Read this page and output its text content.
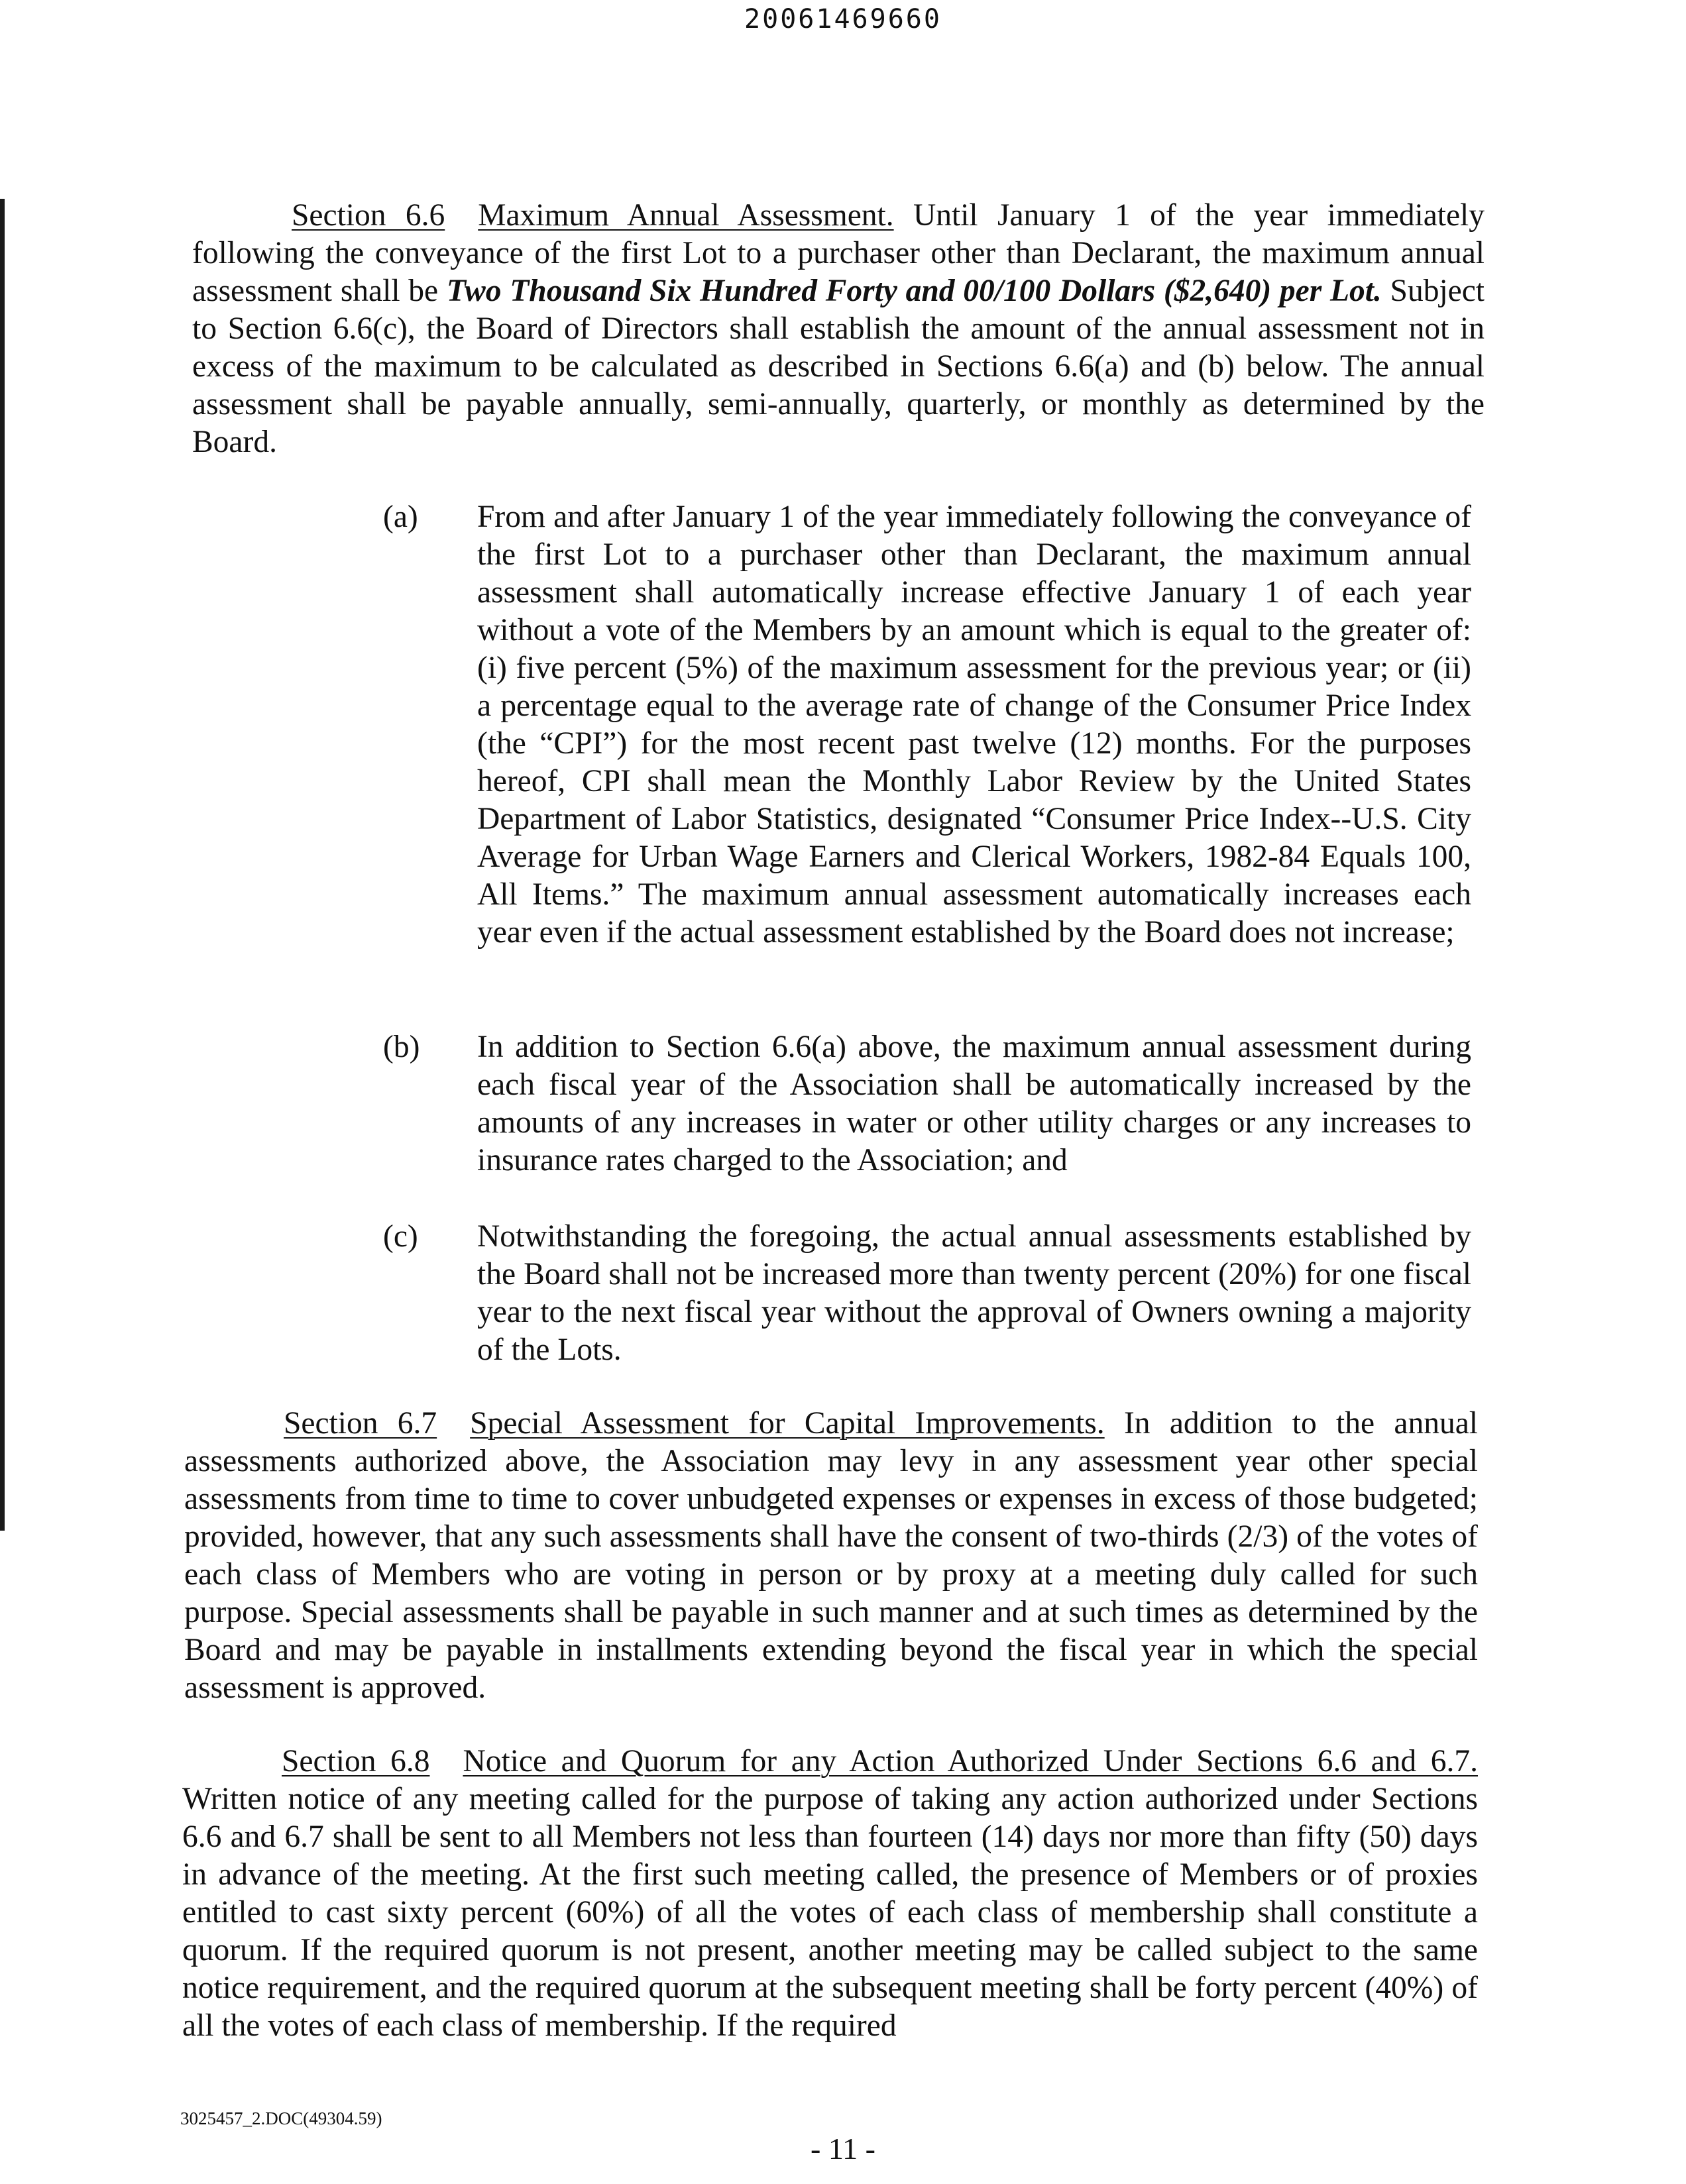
20061469660

Section 6.6 Maximum Annual Assessment. Until January 1 of the year immediately following the conveyance of the first Lot to a purchaser other than Declarant, the maximum annual assessment shall be Two Thousand Six Hundred Forty and 00/100 Dollars ($2,640) per Lot. Subject to Section 6.6(c), the Board of Directors shall establish the amount of the annual assessment not in excess of the maximum to be calculated as described in Sections 6.6(a) and (b) below. The annual assessment shall be payable annually, semi-annually, quarterly, or monthly as determined by the Board.

(a)	From and after January 1 of the year immediately following the conveyance of the first Lot to a purchaser other than Declarant, the maximum annual assessment shall automatically increase effective January 1 of each year without a vote of the Members by an amount which is equal to the greater of: (i) five percent (5%) of the maximum assessment for the previous year; or (ii) a percentage equal to the average rate of change of the Consumer Price Index (the “CPI”) for the most recent past twelve (12) months. For the purposes hereof, CPI shall mean the Monthly Labor Review by the United States Department of Labor Statistics, designated “Consumer Price Index--U.S. City Average for Urban Wage Earners and Clerical Workers, 1982-84 Equals 100, All Items.” The maximum annual assessment automatically increases each year even if the actual assessment established by the Board does not increase;

(b)	In addition to Section 6.6(a) above, the maximum annual assessment during each fiscal year of the Association shall be automatically increased by the amounts of any increases in water or other utility charges or any increases to insurance rates charged to the Association; and

(c)	Notwithstanding the foregoing, the actual annual assessments established by the Board shall not be increased more than twenty percent (20%) for one fiscal year to the next fiscal year without the approval of Owners owning a majority of the Lots.

Section 6.7 Special Assessment for Capital Improvements. In addition to the annual assessments authorized above, the Association may levy in any assessment year other special assessments from time to time to cover unbudgeted expenses or expenses in excess of those budgeted; provided, however, that any such assessments shall have the consent of two-thirds (2/3) of the votes of each class of Members who are voting in person or by proxy at a meeting duly called for such purpose. Special assessments shall be payable in such manner and at such times as determined by the Board and may be payable in installments extending beyond the fiscal year in which the special assessment is approved.

Section 6.8 Notice and Quorum for any Action Authorized Under Sections 6.6 and 6.7. Written notice of any meeting called for the purpose of taking any action authorized under Sections 6.6 and 6.7 shall be sent to all Members not less than fourteen (14) days nor more than fifty (50) days in advance of the meeting. At the first such meeting called, the presence of Members or of proxies entitled to cast sixty percent (60%) of all the votes of each class of membership shall constitute a quorum. If the required quorum is not present, another meeting may be called subject to the same notice requirement, and the required quorum at the subsequent meeting shall be forty percent (40%) of all the votes of each class of membership. If the required

3025457_2.DOC(49304.59)
- 11 -
